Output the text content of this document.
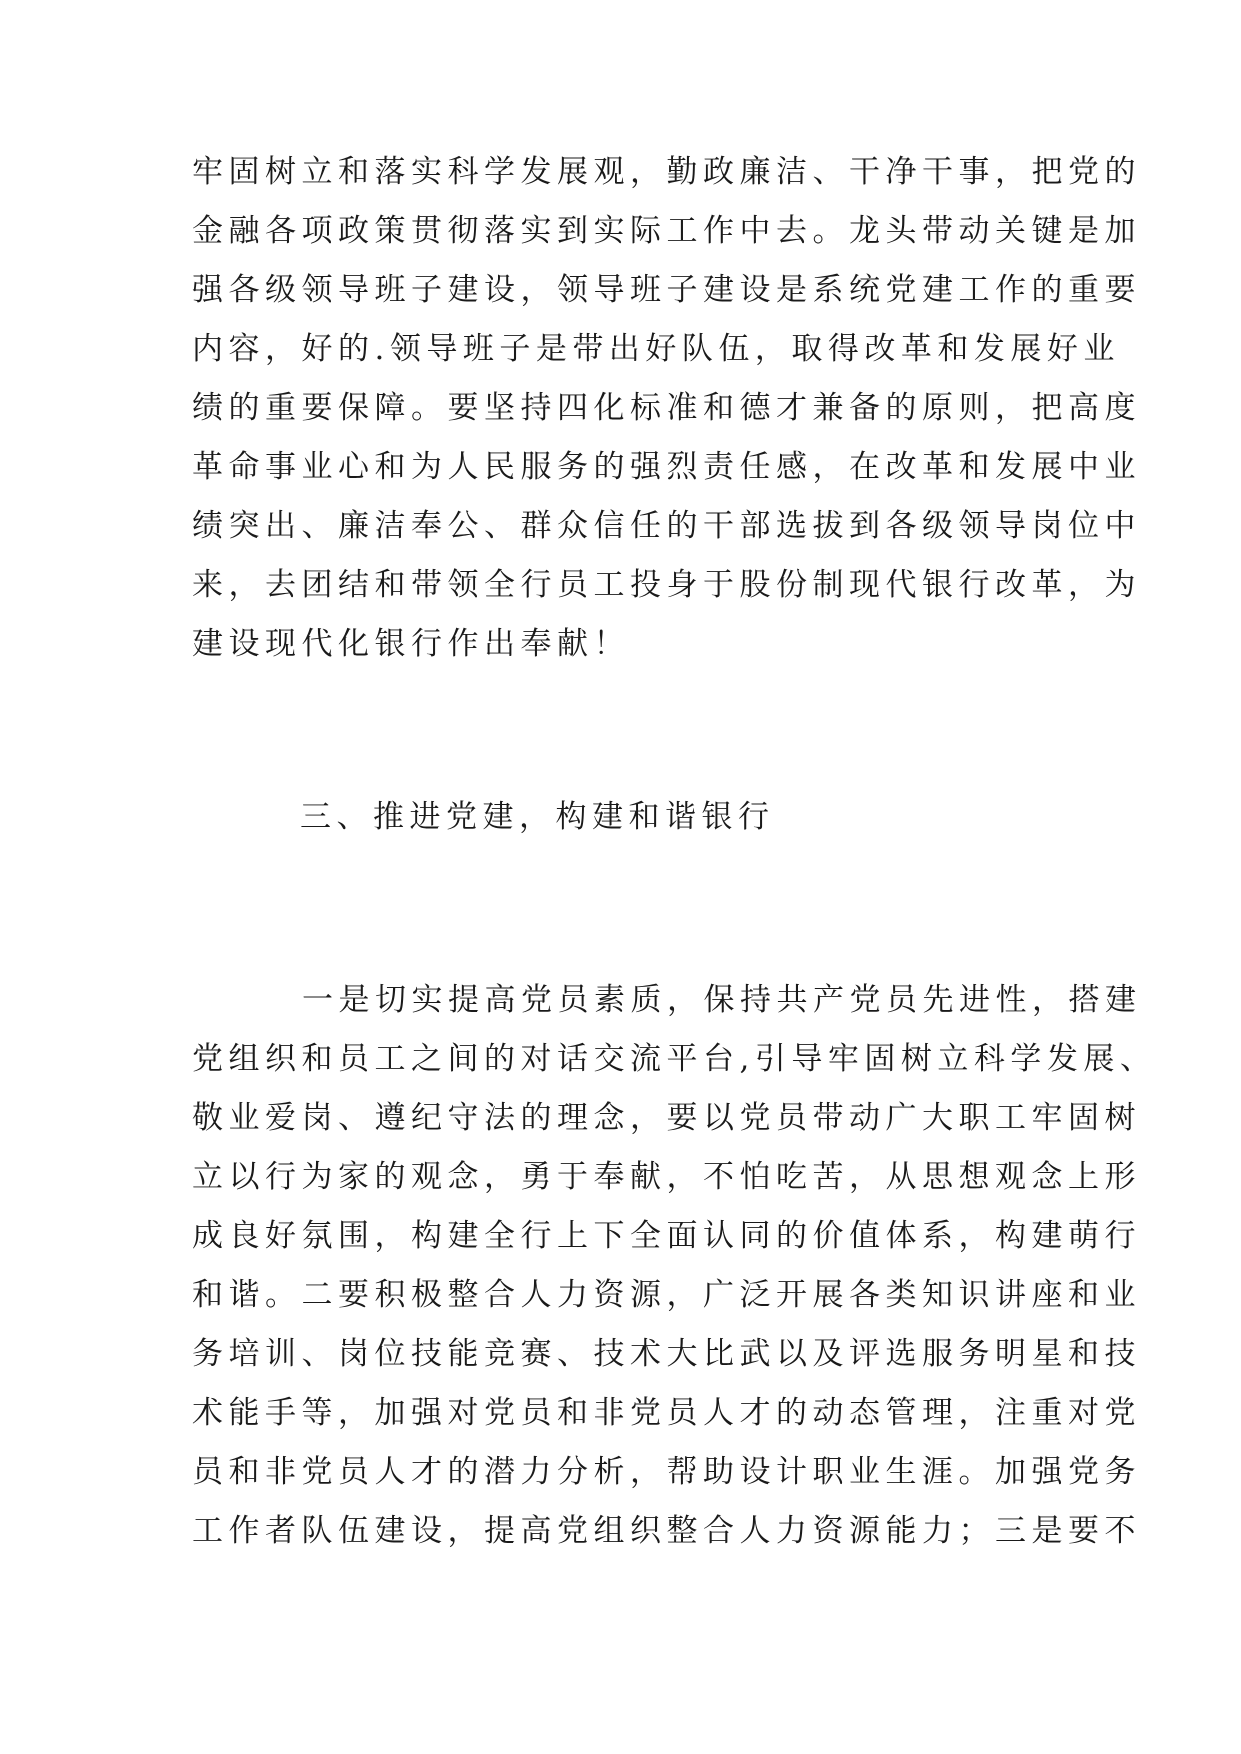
牢固树立和落实科学发展观，勤政廉洁、干净干事，把党的
金融各项政策贯彻落实到实际工作中去。龙头带动关键是加
强各级领导班子建设，领导班子建设是系统党建工作的重要
内容，好的.领导班子是带出好队伍，取得改革和发展好业
绩的重要保障。要坚持四化标准和德才兼备的原则，把高度
革命事业心和为人民服务的强烈责任感，在改革和发展中业
绩突出、廉洁奉公、群众信任的干部选拔到各级领导岗位中
来，去团结和带领全行员工投身于股份制现代银行改革，为
建设现代化银行作出奉献！
三、推进党建，构建和谐银行
一是切实提高党员素质，保持共产党员先进性，搭建
党组织和员工之间的对话交流平台,引导牢固树立科学发展、
敬业爱岗、遵纪守法的理念，要以党员带动广大职工牢固树
立以行为家的观念，勇于奉献，不怕吃苦，从思想观念上形
成良好氛围，构建全行上下全面认同的价值体系，构建萌行
和谐。二要积极整合人力资源，广泛开展各类知识讲座和业
务培训、岗位技能竞赛、技术大比武以及评选服务明星和技
术能手等，加强对党员和非党员人才的动态管理，注重对党
员和非党员人才的潜力分析，帮助设计职业生涯。加强党务
工作者队伍建设，提高党组织整合人力资源能力；三是要不
